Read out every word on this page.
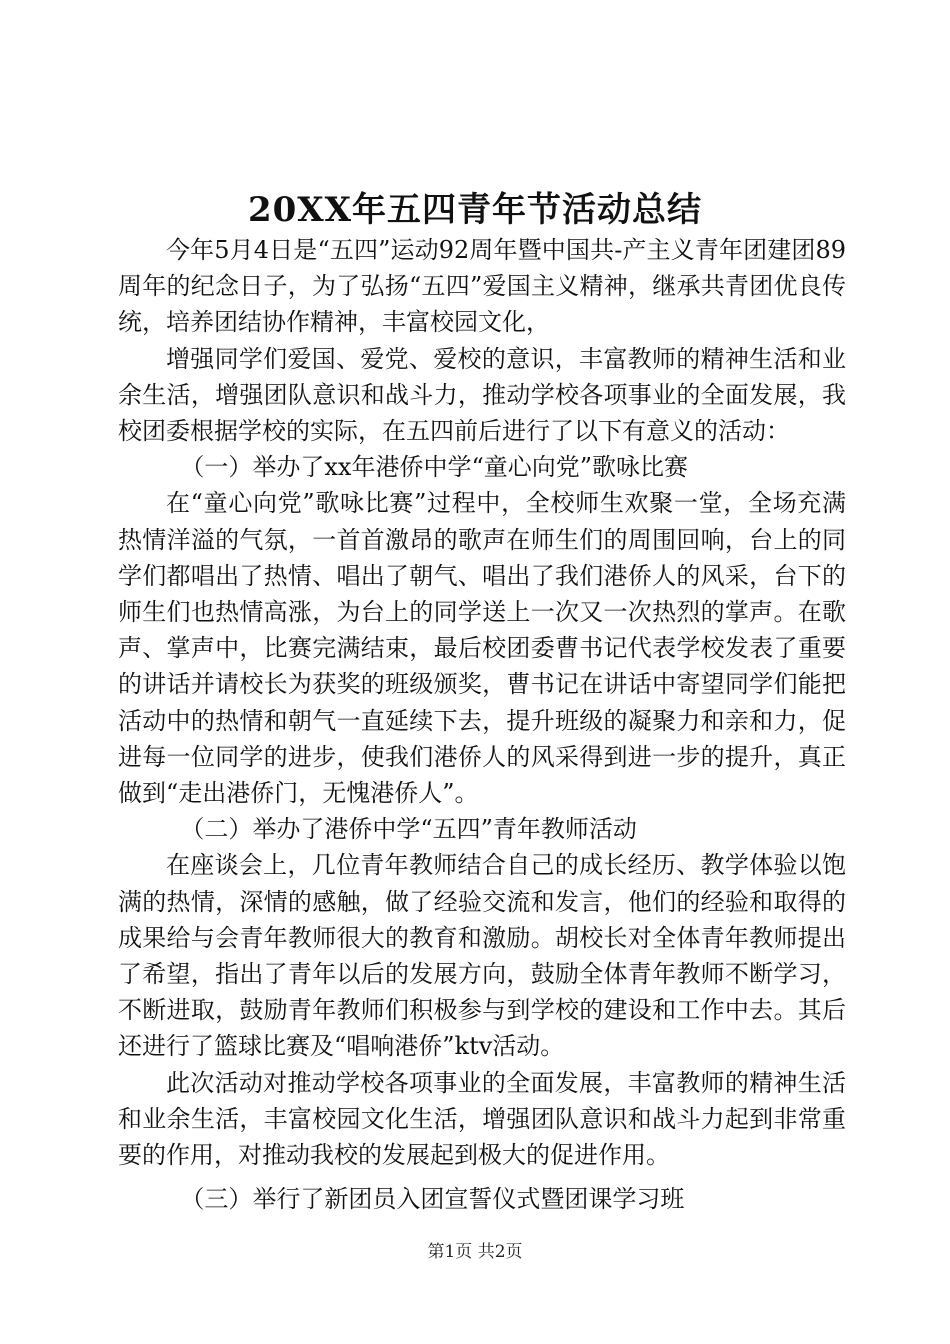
20XX年五四青年节活动总结

今年5月4日是“五四”运动92周年暨中国共-产主义青年团建团89周年的纪念日子，为了弘扬“五四”爱国主义精神，继承共青团优良传统，培养团结协作精神，丰富校园文化，

增强同学们爱国、爱党、爱校的意识，丰富教师的精神生活和业余生活，增强团队意识和战斗力，推动学校各项事业的全面发展，我校团委根据学校的实际，在五四前后进行了以下有意义的活动：

（一）举办了xx年港侨中学“童心向党”歌咏比赛

在“童心向党”歌咏比赛”过程中，全校师生欢聚一堂，全场充满热情洋溢的气氛，一首首激昂的歌声在师生们的周围回响，台上的同学们都唱出了热情、唱出了朝气、唱出了我们港侨人的风采，台下的师生们也热情高涨，为台上的同学送上一次又一次热烈的掌声。在歌声、掌声中，比赛完满结束，最后校团委曹书记代表学校发表了重要的讲话并请校长为获奖的班级颁奖，曹书记在讲话中寄望同学们能把活动中的热情和朝气一直延续下去，提升班级的凝聚力和亲和力，促进每一位同学的进步，使我们港侨人的风采得到进一步的提升，真正做到“走出港侨门，无愧港侨人”。

（二）举办了港侨中学“五四”青年教师活动

在座谈会上，几位青年教师结合自己的成长经历、教学体验以饱满的热情，深情的感触，做了经验交流和发言，他们的经验和取得的成果给与会青年教师很大的教育和激励。胡校长对全体青年教师提出了希望，指出了青年以后的发展方向，鼓励全体青年教师不断学习，不断进取，鼓励青年教师们积极参与到学校的建设和工作中去。其后还进行了篮球比赛及“唱响港侨”ktv活动。

此次活动对推动学校各项事业的全面发展，丰富教师的精神生活和业余生活，丰富校园文化生活，增强团队意识和战斗力起到非常重要的作用，对推动我校的发展起到极大的促进作用。

（三）举行了新团员入团宣誓仪式暨团课学习班

第1页 共2页
